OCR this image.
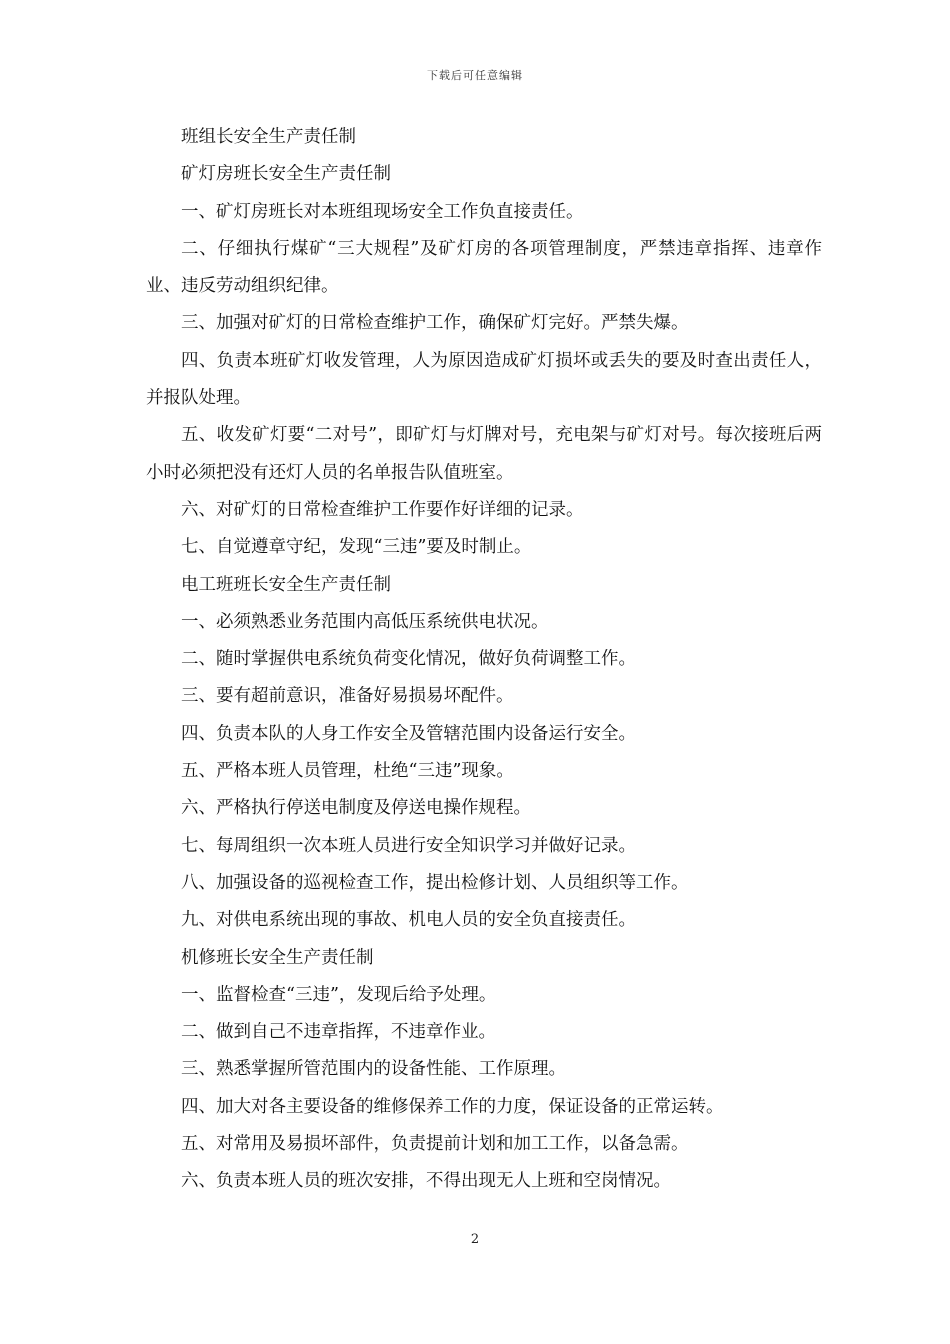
下载后可任意编辑

班组长安全生产责任制

矿灯房班长安全生产责任制

一、矿灯房班长对本班组现场安全工作负直接责任。

二、仔细执行煤矿“三大规程”及矿灯房的各项管理制度，严禁违章指挥、违章作业、违反劳动组织纪律。

三、加强对矿灯的日常检查维护工作，确保矿灯完好。严禁失爆。

四、负责本班矿灯收发管理，人为原因造成矿灯损坏或丢失的要及时查出责任人，并报队处理。

五、收发矿灯要“二对号”，即矿灯与灯牌对号，充电架与矿灯对号。每次接班后两小时必须把没有还灯人员的名单报告队值班室。

六、对矿灯的日常检查维护工作要作好详细的记录。

七、自觉遵章守纪，发现“三违”要及时制止。

电工班班长安全生产责任制

一、必须熟悉业务范围内高低压系统供电状况。

二、随时掌握供电系统负荷变化情况，做好负荷调整工作。

三、要有超前意识，准备好易损易坏配件。

四、负责本队的人身工作安全及管辖范围内设备运行安全。

五、严格本班人员管理，杜绝“三违”现象。

六、严格执行停送电制度及停送电操作规程。

七、每周组织一次本班人员进行安全知识学习并做好记录。

八、加强设备的巡视检查工作，提出检修计划、人员组织等工作。

九、对供电系统出现的事故、机电人员的安全负直接责任。

机修班长安全生产责任制

一、监督检查“三违”，发现后给予处理。

二、做到自己不违章指挥，不违章作业。

三、熟悉掌握所管范围内的设备性能、工作原理。

四、加大对各主要设备的维修保养工作的力度，保证设备的正常运转。

五、对常用及易损坏部件，负责提前计划和加工工作，以备急需。

六、负责本班人员的班次安排，不得出现无人上班和空岗情况。

2
